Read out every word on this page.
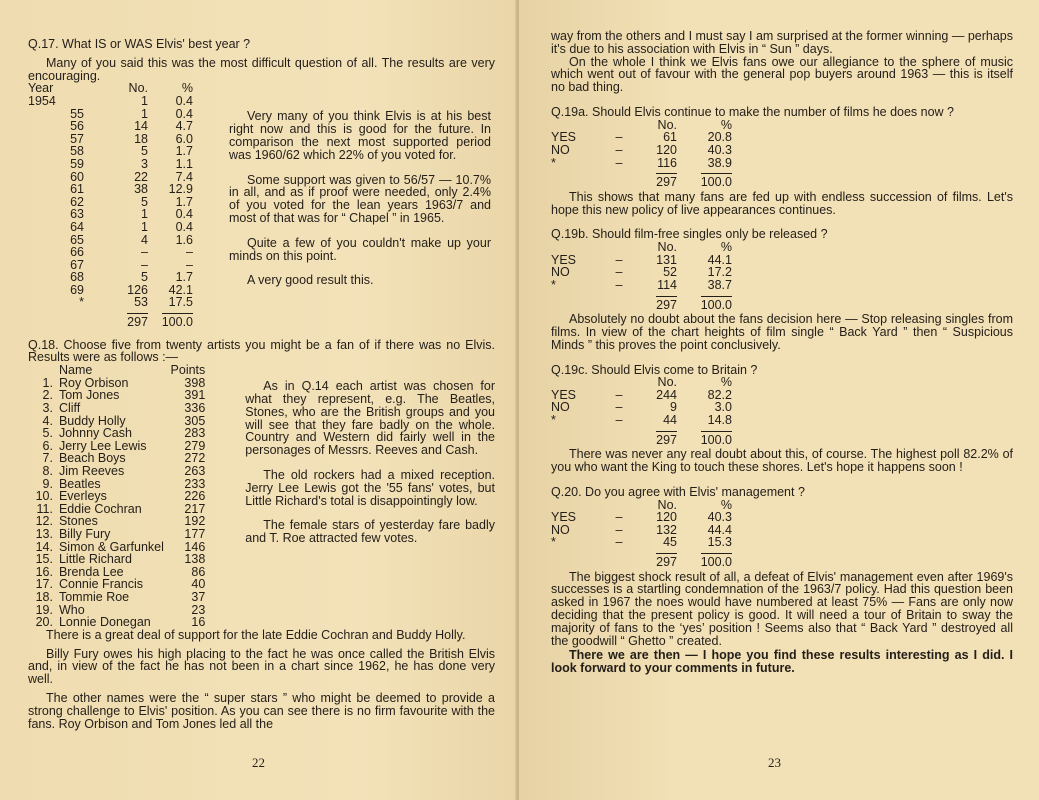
Q.17. What IS or WAS Elvis' best year ?

Many of you said this was the most difficult question of all. The results are very encouraging.

Year	No.	%
1954	1	0.4
55	1	0.4
56	14	4.7
57	18	6.0
58	5	1.7
59	3	1.1
60	22	7.4
61	38	12.9
62	5	1.7
63	1	0.4
64	1	0.4
65	4	1.6
66	–	–
67	–	–
68	5	1.7
69	126	42.1
*	53	17.5
	297	100.0

Very many of you think Elvis is at his best right now and this is good for the future. In comparison the next most supported period was 1960/62 which 22% of you voted for.

Some support was given to 56/57 — 10.7% in all, and as if proof were needed, only 2.4% of you voted for the lean years 1963/7 and most of that was for “ Chapel ” in 1965.

Quite a few of you couldn't make up your minds on this point.

A very good result this.

Q.18. Choose five from twenty artists you might be a fan of if there was no Elvis. Results were as follows :—

	Name	Points
1.	Roy Orbison	398
2.	Tom Jones	391
3.	Cliff	336
4.	Buddy Holly	305
5.	Johnny Cash	283
6.	Jerry Lee Lewis	279
7.	Beach Boys	272
8.	Jim Reeves	263
9.	Beatles	233
10.	Everleys	226
11.	Eddie Cochran	217
12.	Stones	192
13.	Billy Fury	177
14.	Simon & Garfunkel	146
15.	Little Richard	138
16.	Brenda Lee	86
17.	Connie Francis	40
18.	Tommie Roe	37
19.	Who	23
20.	Lonnie Donegan	16

As in Q.14 each artist was chosen for what they represent, e.g. The Beatles, Stones, who are the British groups and you will see that they fare badly on the whole. Country and Western did fairly well in the personages of Messrs. Reeves and Cash.

The old rockers had a mixed reception. Jerry Lee Lewis got the '55 fans' votes, but Little Richard's total is disappointingly low.

The female stars of yesterday fare badly and T. Roe attracted few votes.

There is a great deal of support for the late Eddie Cochran and Buddy Holly.

Billy Fury owes his high placing to the fact he was once called the British Elvis and, in view of the fact he has not been in a chart since 1962, he has done very well.

The other names were the “ super stars ” who might be deemed to provide a strong challenge to Elvis' position. As you can see there is no firm favourite with the fans. Roy Orbison and Tom Jones led all the

22

way from the others and I must say I am surprised at the former winning — perhaps it's due to his association with Elvis in “ Sun ” days.

On the whole I think we Elvis fans owe our allegiance to the sphere of music which went out of favour with the general pop buyers around 1963 — this is itself no bad thing.

Q.19a. Should Elvis continue to make the number of films he does now ?

		No.	%
YES	–	61	20.8
NO	–	120	40.3
*	–	116	38.9
		297	100.0

This shows that many fans are fed up with endless succession of films. Let's hope this new policy of live appearances continues.

Q.19b. Should film-free singles only be released ?

		No.	%
YES	–	131	44.1
NO	–	52	17.2
*	–	114	38.7
		297	100.0

Absolutely no doubt about the fans decision here — Stop releasing singles from films. In view of the chart heights of film single “ Back Yard ” then “ Suspicious Minds ” this proves the point conclusively.

Q.19c. Should Elvis come to Britain ?

		No.	%
YES	–	244	82.2
NO	–	9	3.0
*	–	44	14.8
		297	100.0

There was never any real doubt about this, of course. The highest poll 82.2% of you who want the King to touch these shores. Let's hope it happens soon !

Q.20. Do you agree with Elvis' management ?

		No.	%
YES	–	120	40.3
NO	–	132	44.4
*	–	45	15.3
		297	100.0

The biggest shock result of all, a defeat of Elvis' management even after 1969's successes is a startling condemnation of the 1963/7 policy. Had this question been asked in 1967 the noes would have numbered at least 75% — Fans are only now deciding that the present policy is good. It will need a tour of Britain to sway the majority of fans to the ‘yes’ position ! Seems also that “ Back Yard ” destroyed all the goodwill “ Ghetto ” created.

There we are then — I hope you find these results interesting as I did. I look forward to your comments in future.

23
